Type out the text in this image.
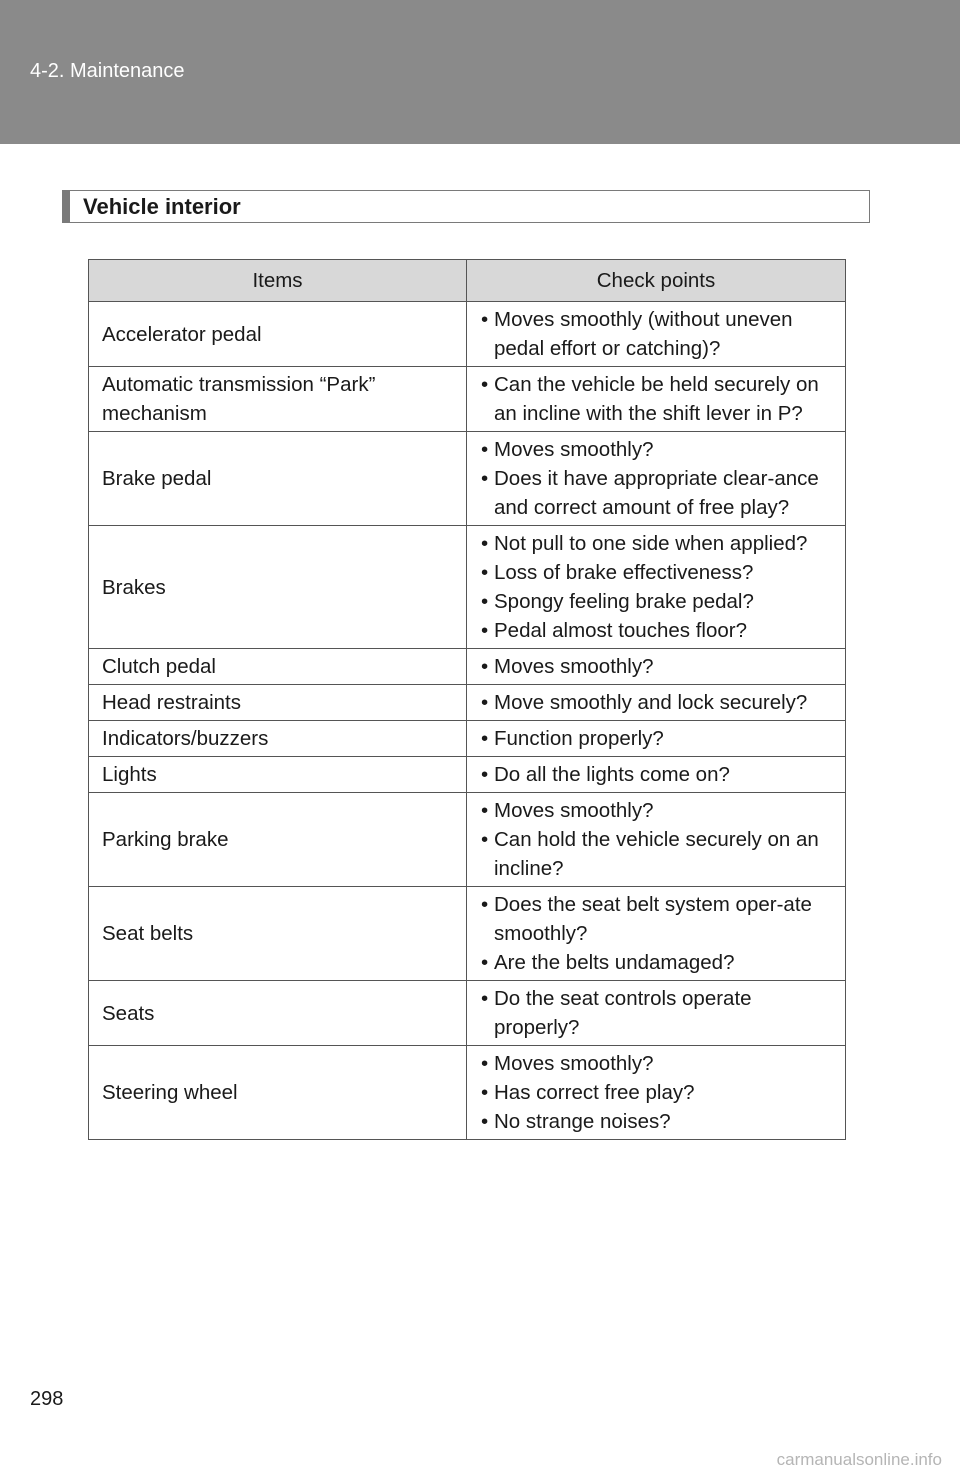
4-2. Maintenance
Vehicle interior
Items	Check points
Accelerator pedal	• Moves smoothly (without uneven pedal effort or catching)?

Automatic transmission “Park” mechanism	• Can the vehicle be held securely on an incline with the shift lever in P?

Brake pedal	• Moves smoothly?
• Does it have appropriate clear-ance and correct amount of free play?

Brakes	• Not pull to one side when applied?
• Loss of brake effectiveness?
• Spongy feeling brake pedal?
• Pedal almost touches floor?

Clutch pedal	• Moves smoothly?

Head restraints	• Move smoothly and lock securely?

Indicators/buzzers	• Function properly?

Lights	• Do all the lights come on?

Parking brake	• Moves smoothly?
• Can hold the vehicle securely on an incline?

Seat belts	• Does the seat belt system oper-ate smoothly?
• Are the belts undamaged?

Seats	• Do the seat controls operate properly?

Steering wheel	• Moves smoothly?
• Has correct free play?
• No strange noises?
298
carmanualsonline.info
